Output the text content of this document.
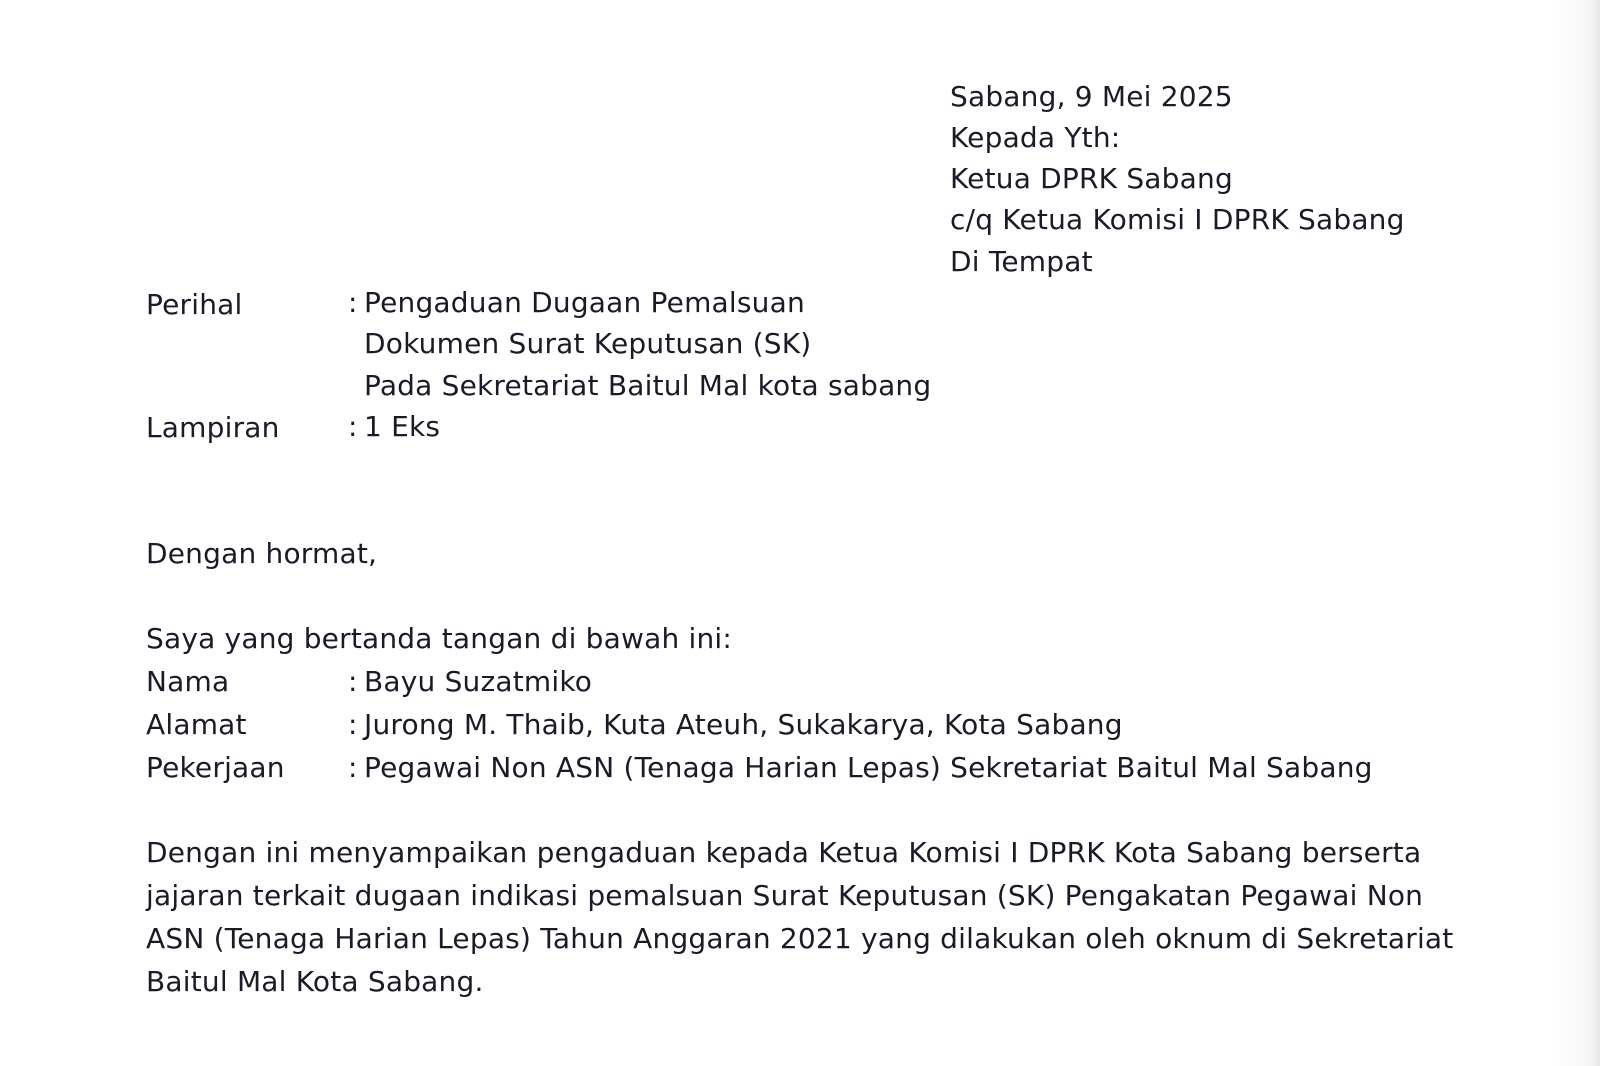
Sabang, 9 Mei 2025
Kepada Yth:
Ketua DPRK Sabang
c/q Ketua Komisi I DPRK Sabang
Di Tempat
Perihal	: Pengaduan Dugaan Pemalsuan
Dokumen Surat Keputusan (SK)
Pada Sekretariat Baitul Mal kota sabang
Lampiran : 1 Eks
Dengan hormat,
Saya yang bertanda tangan di bawah ini:
Nama	: Bayu Suzatmiko
Alamat	: Jurong M. Thaib, Kuta Ateuh, Sukakarya, Kota Sabang
Pekerjaan : Pegawai Non ASN (Tenaga Harian Lepas) Sekretariat Baitul Mal Sabang
Dengan ini menyampaikan pengaduan kepada Ketua Komisi I DPRK Kota Sabang berserta
jajaran terkait dugaan indikasi pemalsuan Surat Keputusan (SK) Pengakatan Pegawai Non
ASN (Tenaga Harian Lepas) Tahun Anggaran 2021 yang dilakukan oleh oknum di Sekretariat
Baitul Mal Kota Sabang.
